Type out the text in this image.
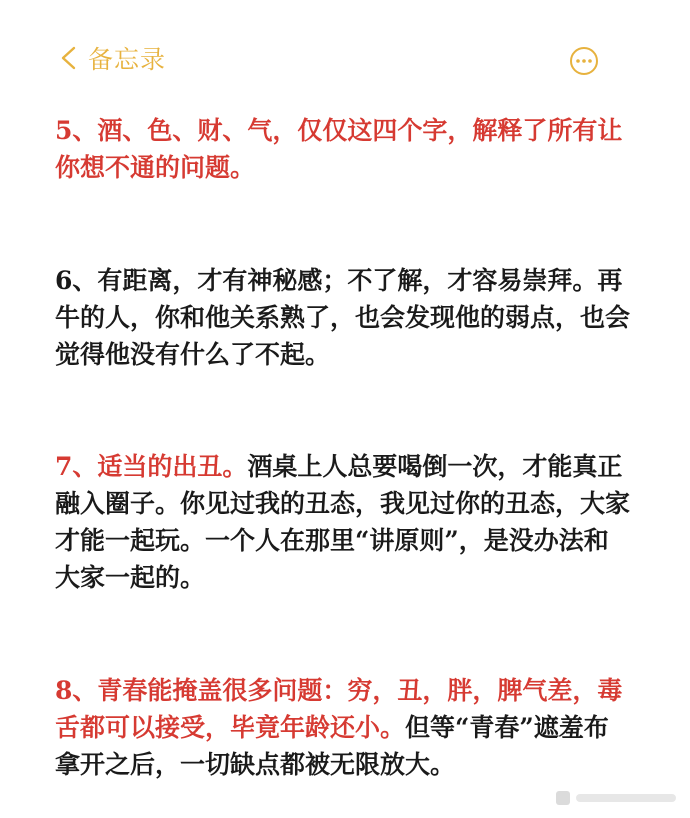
备忘录

5、酒、色、财、气，仅仅这四个字，解释了所有让你想不通的问题。

6、有距离，才有神秘感；不了解，才容易崇拜。再牛的人，你和他关系熟了，也会发现他的弱点，也会觉得他没有什么了不起。

7、适当的出丑。酒桌上人总要喝倒一次，才能真正融入圈子。你见过我的丑态，我见过你的丑态，大家才能一起玩。一个人在那里“讲原则”，是没办法和大家一起的。

8、青春能掩盖很多问题：穷，丑，胖，脾气差，毒舌都可以接受，毕竟年龄还小。但等“青春”遮羞布拿开之后，一切缺点都被无限放大。
